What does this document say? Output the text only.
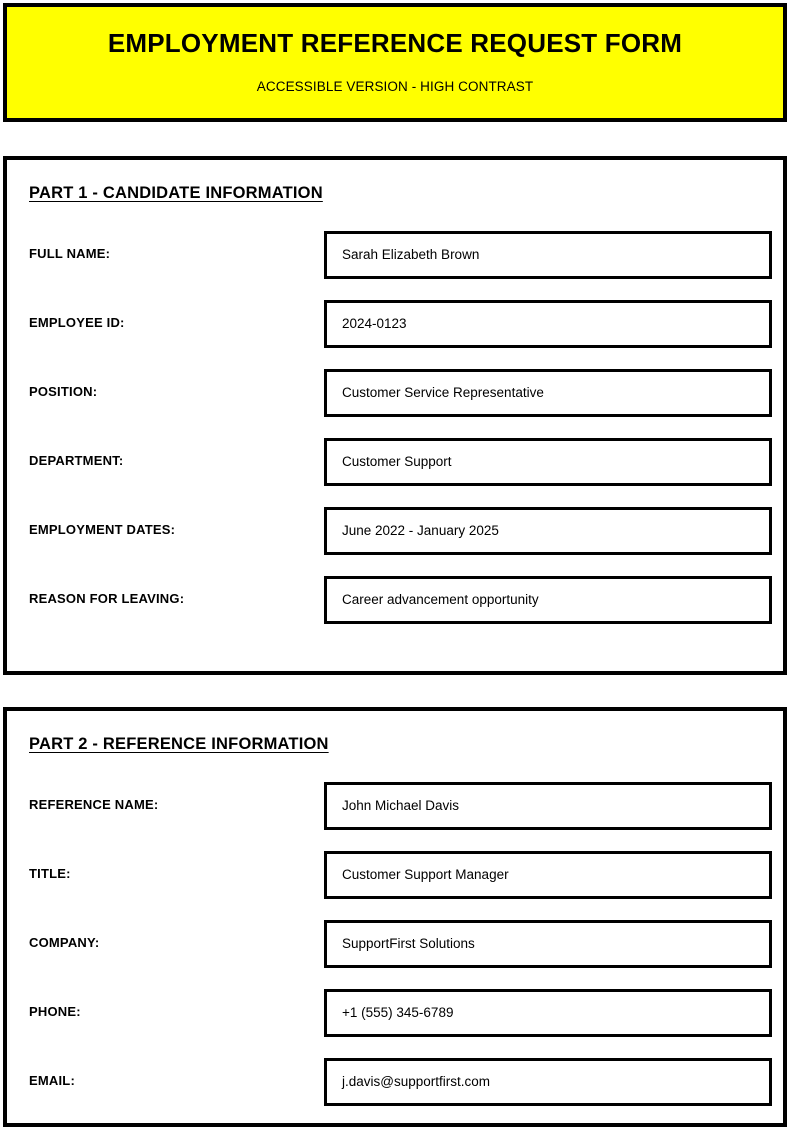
EMPLOYMENT REFERENCE REQUEST FORM
ACCESSIBLE VERSION - HIGH CONTRAST
PART 1 - CANDIDATE INFORMATION
FULL NAME:	Sarah Elizabeth Brown
EMPLOYEE ID:	2024-0123
POSITION:	Customer Service Representative
DEPARTMENT:	Customer Support
EMPLOYMENT DATES:	June 2022 - January 2025
REASON FOR LEAVING:	Career advancement opportunity
PART 2 - REFERENCE INFORMATION
REFERENCE NAME:	John Michael Davis
TITLE:	Customer Support Manager
COMPANY:	SupportFirst Solutions
PHONE:	+1 (555) 345-6789
EMAIL:	j.davis@supportfirst.com
